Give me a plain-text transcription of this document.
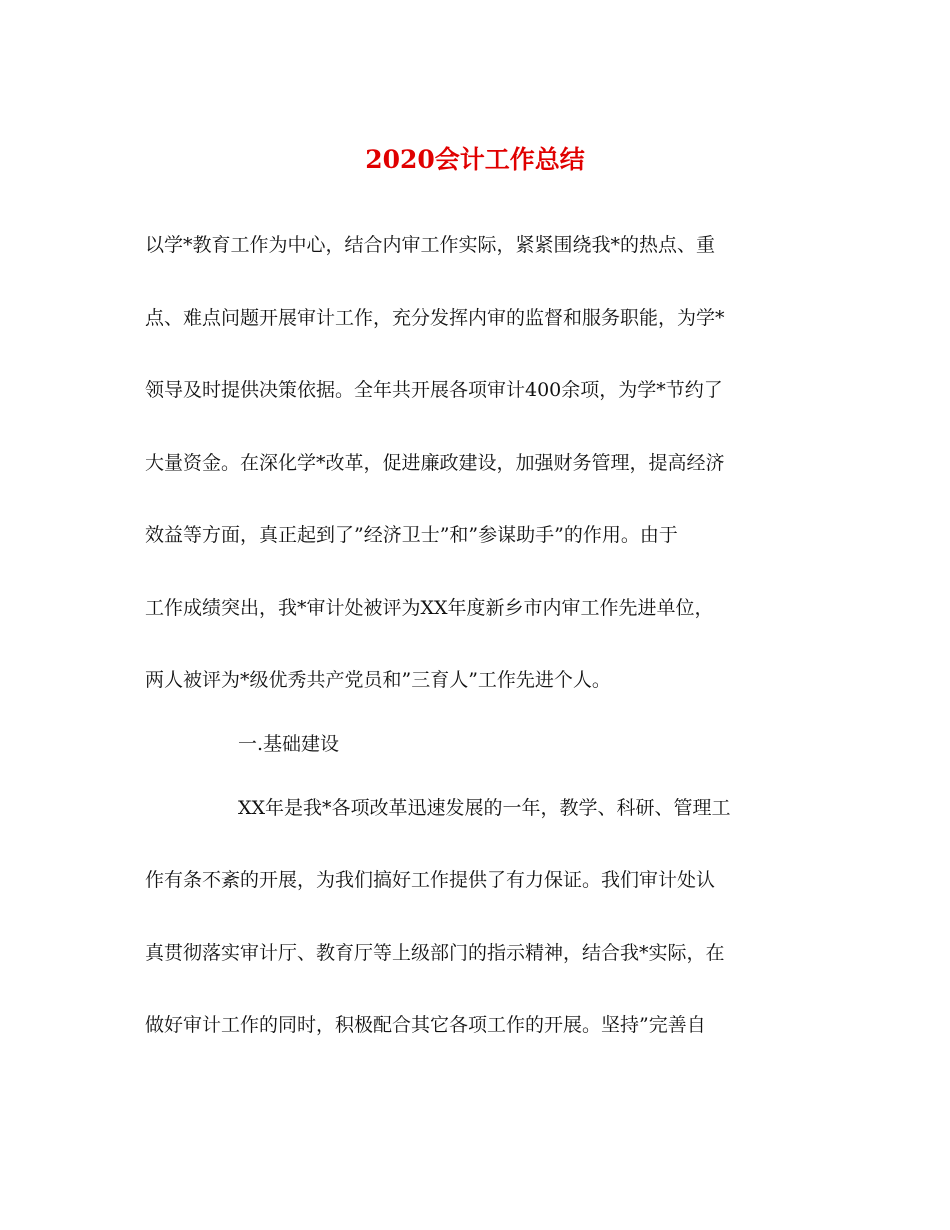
2020会计工作总结

以学*教育工作为中心，结合内审工作实际，紧紧围绕我*的热点、重

点、难点问题开展审计工作，充分发挥内审的监督和服务职能，为学*

领导及时提供决策依据。全年共开展各项审计400余项，为学*节约了

大量资金。在深化学*改革，促进廉政建设，加强财务管理，提高经济

效益等方面，真正起到了”经济卫士”和”参谋助手”的作用。由于

工作成绩突出，我*审计处被评为XX年度新乡市内审工作先进单位，

两人被评为*级优秀共产党员和”三育人”工作先进个人。

一.基础建设

XX年是我*各项改革迅速发展的一年，教学、科研、管理工

作有条不紊的开展，为我们搞好工作提供了有力保证。我们审计处认

真贯彻落实审计厅、教育厅等上级部门的指示精神，结合我*实际，在

做好审计工作的同时，积极配合其它各项工作的开展。坚持”完善自
